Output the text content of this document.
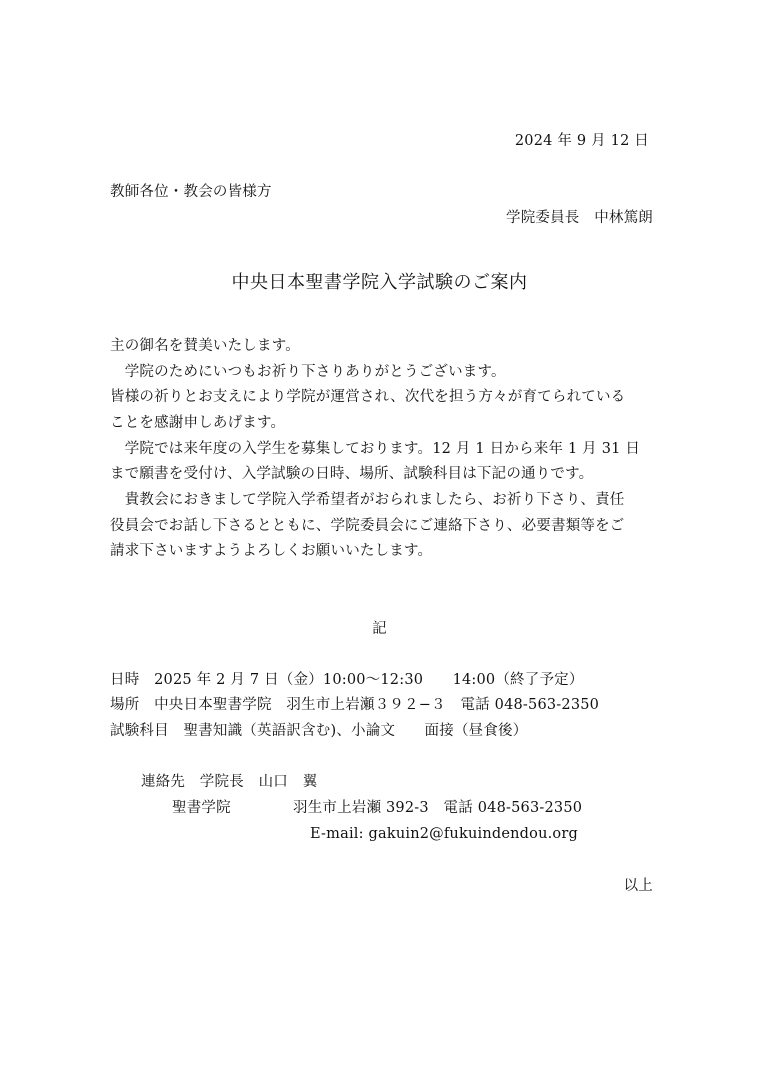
2024 年 9 月 12 日
教師各位・教会の皆様方
学院委員長　中林篤朗
中央日本聖書学院入学試験のご案内
主の御名を賛美いたします。
　学院のためにいつもお祈り下さりありがとうございます。
皆様の祈りとお支えにより学院が運営され、次代を担う方々が育てられている
ことを感謝申しあげます。
　学院では来年度の入学生を募集しております。12 月 1 日から来年 1 月 31 日
まで願書を受付け、入学試験の日時、場所、試験科目は下記の通りです。
　貴教会におきまして学院入学希望者がおられましたら、お祈り下さり、責任
役員会でお話し下さるとともに、学院委員会にご連絡下さり、必要書類等をご
請求下さいますようよろしくお願いいたします。
記
日時　2025 年 2 月 7 日（金）10:00～12:30　　14:00（終了予定）
場所　中央日本聖書学院　羽生市上岩瀬３９２−３　電話 048-563-2350
試験科目　聖書知識（英語訳含む)、小論文　　面接（昼食後）
連絡先　学院長　山口　翼
聖書学院	羽生市上岩瀬 392-3　電話 048-563-2350
E-mail: gakuin2@fukuindendou.org
以上
